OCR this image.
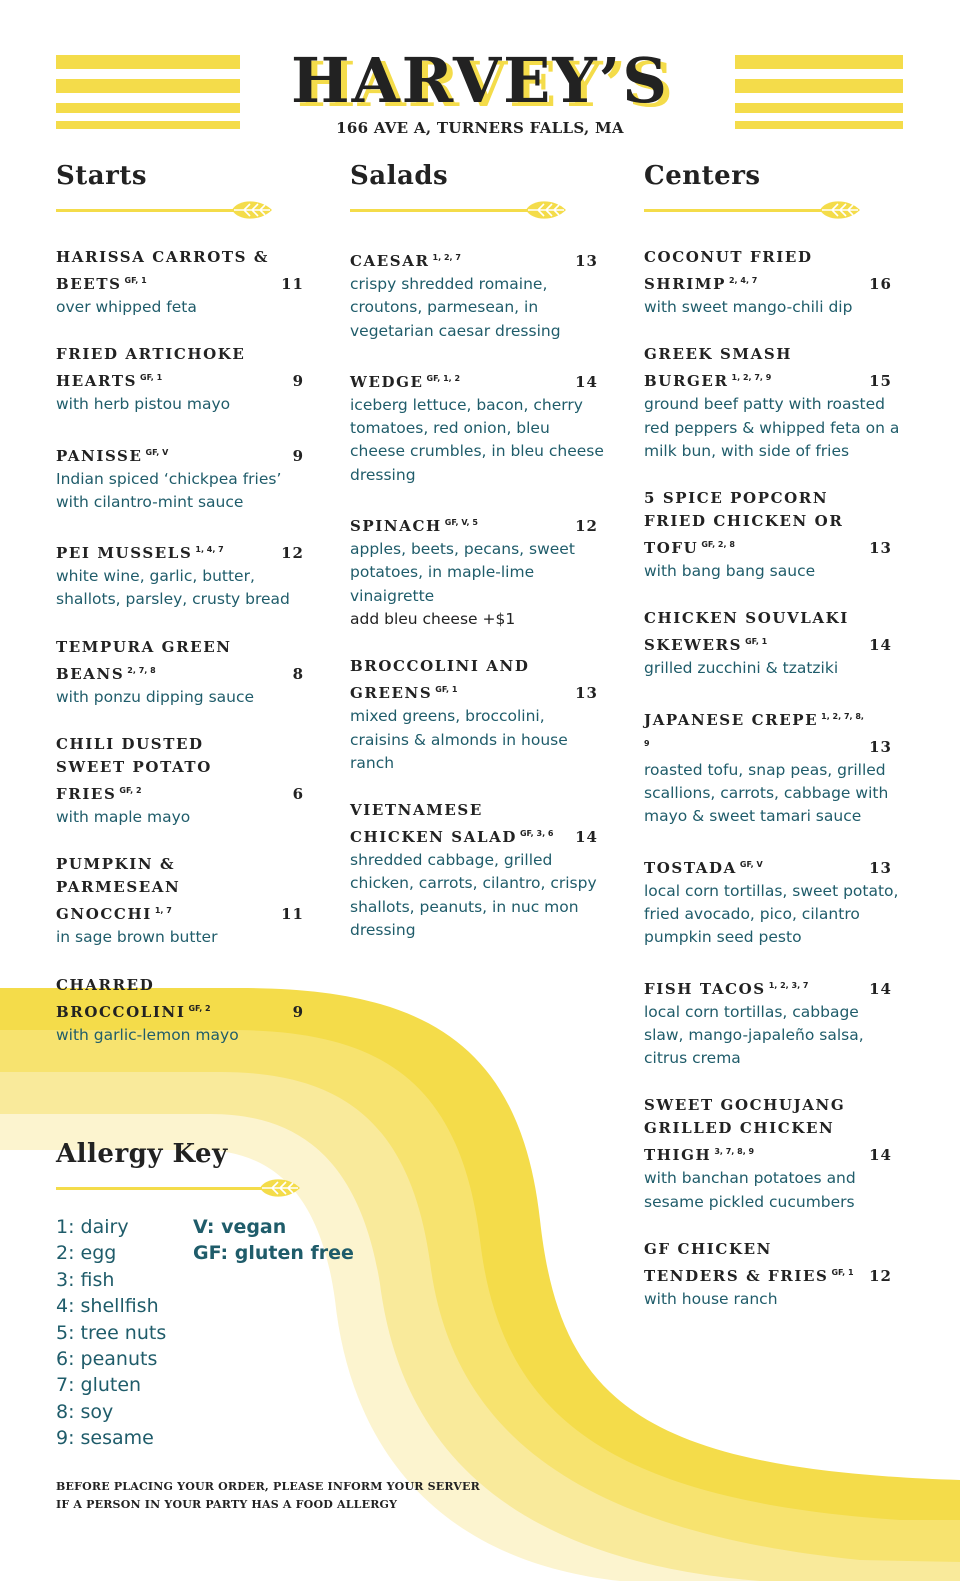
HARVEY’S
166 AVE A, TURNERS FALLS, MA
Starts
HARISSA CARROTS & BEETS $^{GF, 1}$	11
over whipped feta
FRIED ARTICHOKE HEARTS $^{GF, 1}$	9
with herb pistou mayo
PANISSE $^{GF, V}$	9
Indian spiced ‘chickpea fries’ with cilantro-mint sauce
PEI MUSSELS $^{1, 4, 7}$	12
white wine, garlic, butter, shallots, parsley, crusty bread
TEMPURA GREEN BEANS $^{2, 7, 8}$	8
with ponzu dipping sauce
CHILI DUSTED SWEET POTATO FRIES $^{GF, 2}$	6
with maple mayo
PUMPKIN & PARMESEAN GNOCCHI $^{1, 7}$	11
in sage brown butter
CHARRED BROCCOLINI $^{GF, 2}$	9
with garlic-lemon mayo
Salads
CAESAR $^{1, 2, 7}$	13
crispy shredded romaine, croutons, parmesean, in vegetarian caesar dressing
WEDGE $^{GF, 1, 2}$	14
iceberg lettuce, bacon, cherry tomatoes, red onion, bleu cheese crumbles, in bleu cheese dressing
SPINACH $^{GF, V, 5}$	12
apples, beets, pecans, sweet potatoes, in maple-lime vinaigrette
add bleu cheese +$1
BROCCOLINI AND GREENS $^{GF, 1}$	13
mixed greens, broccolini, craisins & almonds in house ranch
VIETNAMESE CHICKEN SALAD $^{GF, 3, 6}$ 14
shredded cabbage, grilled chicken, carrots, cilantro, crispy shallots, peanuts, in nuc mon dressing
Centers
COCONUT FRIED SHRIMP $^{2, 4, 7}$	16
with sweet mango-chili dip
GREEK SMASH BURGER $^{1, 2, 7, 9}$	15
ground beef patty with roasted red peppers & whipped feta on a milk bun, with side of fries
5 SPICE POPCORN FRIED CHICKEN OR TOFU $^{GF, 2, 8}$	13
with bang bang sauce
CHICKEN SOUVLAKI SKEWERS $^{GF, 1}$	14
grilled zucchini & tzatziki
JAPANESE CREPE $^{1, 2, 7, 8, 9}$	13
roasted tofu, snap peas, grilled scallions, carrots, cabbage with mayo & sweet tamari sauce
TOSTADA $^{GF, V}$	13
local corn tortillas, sweet potato, fried avocado, pico, cilantro pumpkin seed pesto
FISH TACOS $^{1, 2, 3, 7}$	14
local corn tortillas, cabbage slaw, mango-japaleño salsa, citrus crema
SWEET GOCHUJANG GRILLED CHICKEN THIGH $^{3, 7, 8, 9}$	14
with banchan potatoes and sesame pickled cucumbers
GF CHICKEN TENDERS & FRIES $^{GF, 1}$ 12
with house ranch
Allergy Key
1: dairy
2: egg
3: fish
4: shellfish
5: tree nuts
6: peanuts
7: gluten
8: soy
9: sesame
V: vegan
GF: gluten free
BEFORE PLACING YOUR ORDER, PLEASE INFORM YOUR SERVER
IF A PERSON IN YOUR PARTY HAS A FOOD ALLERGY
